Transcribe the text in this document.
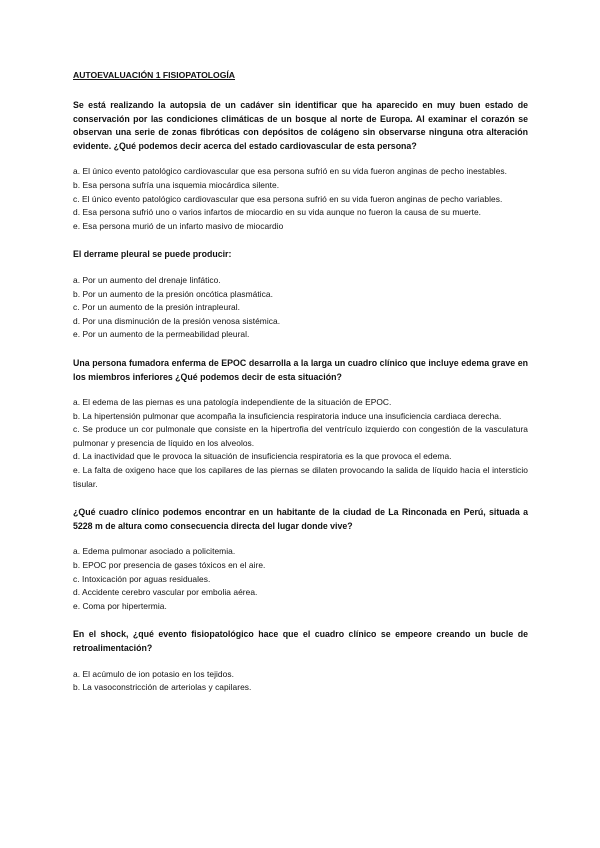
AUTOEVALUACIÓN 1 FISIOPATOLOGÍA

Se está realizando la autopsia de un cadáver sin identificar que ha aparecido en muy buen estado de conservación por las condiciones climáticas de un bosque al norte de Europa. Al examinar el corazón se observan una serie de zonas fibróticas con depósitos de colágeno sin observarse ninguna otra alteración evidente. ¿Qué podemos decir acerca del estado cardiovascular de esta persona?

a. El único evento patológico cardiovascular que esa persona sufrió en su vida fueron anginas de pecho inestables.

b. Esa persona sufría una isquemia miocárdica silente.

c. El único evento patológico cardiovascular que esa persona sufrió en su vida fueron anginas de pecho variables.

d. Esa persona sufrió uno o varios infartos de miocardio en su vida aunque no fueron la causa de su muerte.

e. Esa persona murió de un infarto masivo de miocardio

El derrame pleural se puede producir:

a. Por un aumento del drenaje linfático.

b. Por un aumento de la presión oncótica plasmática.

c. Por un aumento de la presión intrapleural.

d. Por una disminución de la presión venosa sistémica.

e. Por un aumento de la permeabilidad pleural.

Una persona fumadora enferma de EPOC desarrolla a la larga un cuadro clínico que incluye edema grave en los miembros inferiores ¿Qué podemos decir de esta situación?

a. El edema de las piernas es una patología independiente de la situación de EPOC.

b. La hipertensión pulmonar que acompaña la insuficiencia respiratoria induce una insuficiencia cardiaca derecha.

c. Se produce un cor pulmonale que consiste en la hipertrofia del ventrículo izquierdo con congestión de la vasculatura pulmonar y presencia de líquido en los alveolos.

d. La inactividad que le provoca la situación de insuficiencia respiratoria es la que provoca el edema.

e. La falta de oxigeno hace que los capilares de las piernas se dilaten provocando la salida de líquido hacia el intersticio tisular.

¿Qué cuadro clínico podemos encontrar en un habitante de la ciudad de La Rinconada en Perú, situada a 5228 m de altura como consecuencia directa del lugar donde vive?

a. Edema pulmonar asociado a policitemia.

b. EPOC por presencia de gases tóxicos en el aire.

c. Intoxicación por aguas residuales.

d. Accidente cerebro vascular por embolia aérea.

e. Coma por hipertermia.

En el shock, ¿qué evento fisiopatológico hace que el cuadro clínico se empeore creando un bucle de retroalimentación?

a. El acúmulo de ion potasio en los tejidos.

b. La vasoconstricción de arteriolas y capilares.
